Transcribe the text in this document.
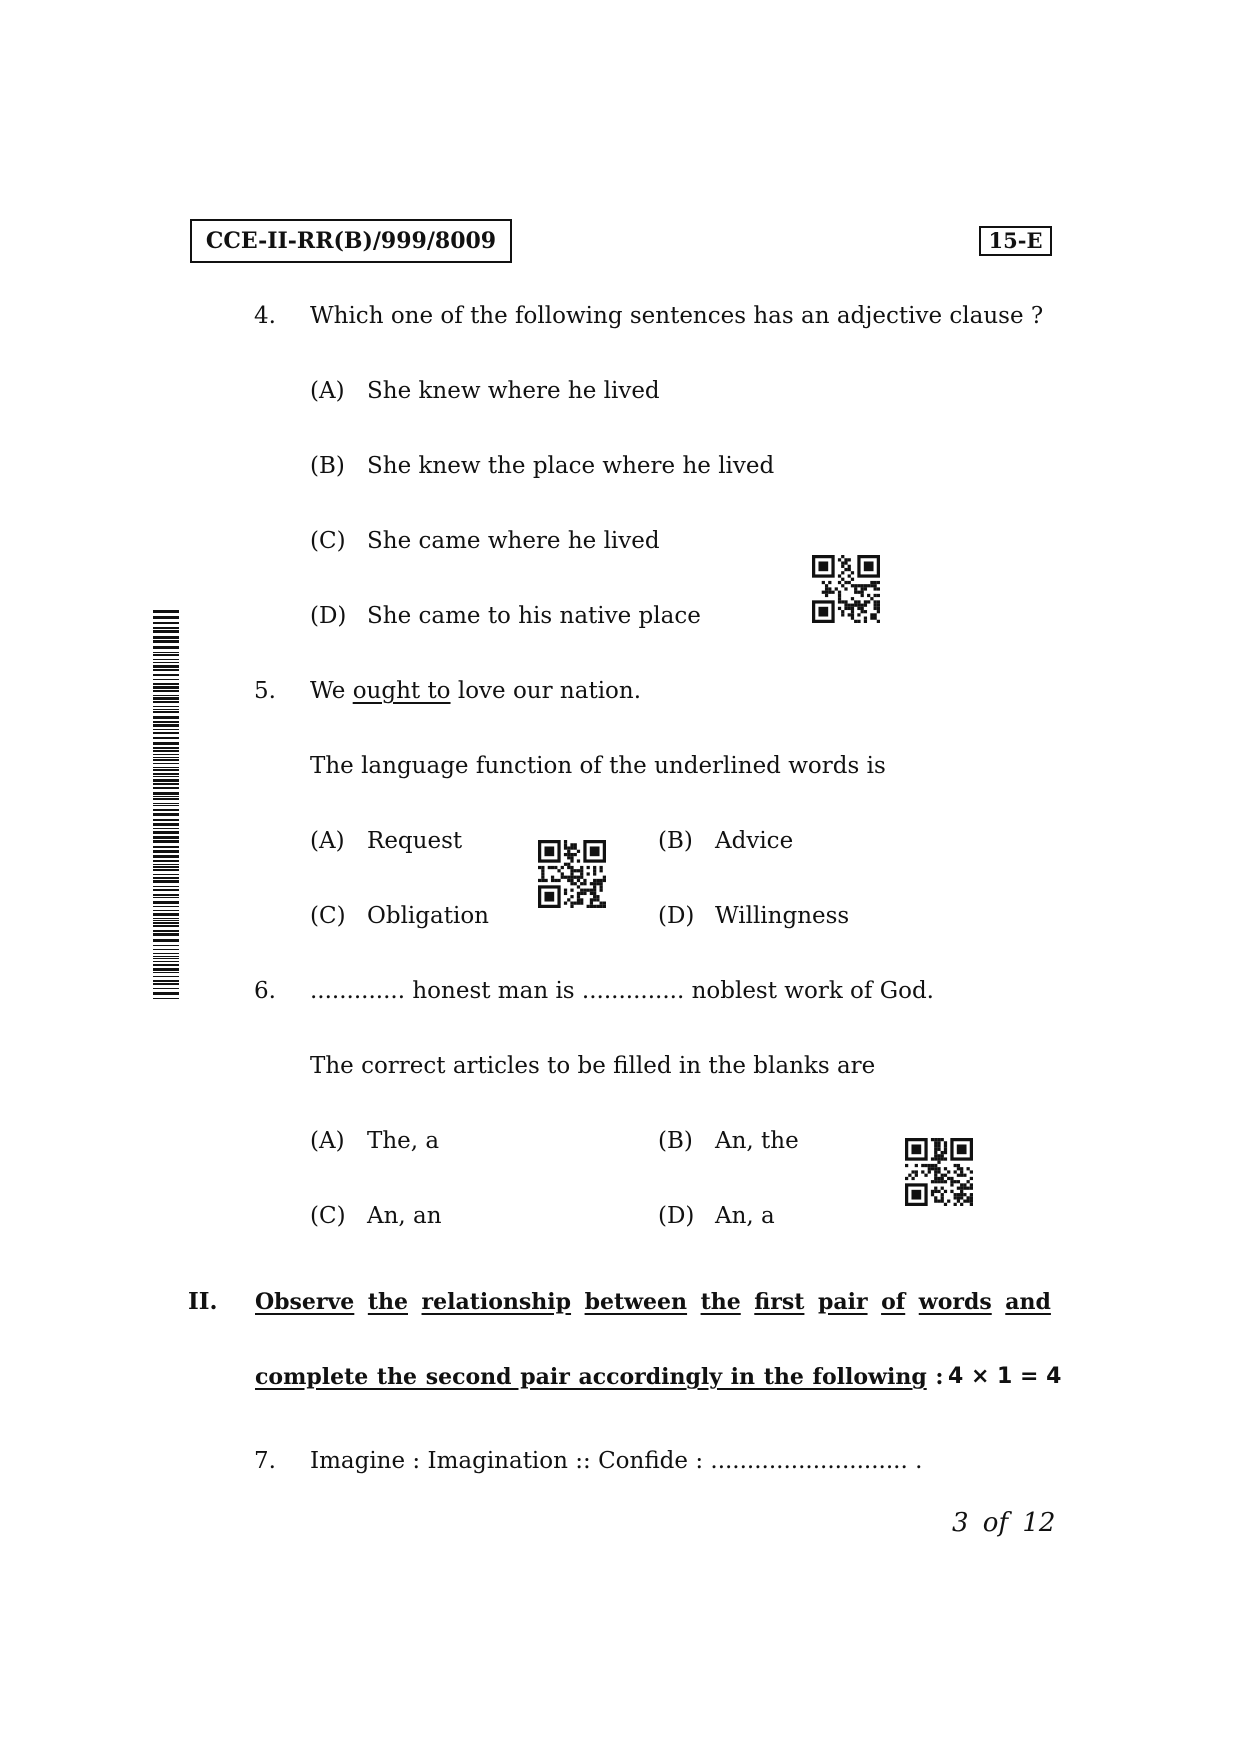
CCE-II-RR(B)/999/8009	15-E
4. Which one of the following sentences has an adjective clause ?
(A) She knew where he lived
(B) She knew the place where he lived
(C) She came where he lived
(D) She came to his native place
5. We ought to love our nation.
The language function of the underlined words is
(A) Request	(B) Advice
(C) Obligation	(D) Willingness
6. ............. honest man is .............. noblest work of God.
The correct articles to be filled in the blanks are
(A) The, a	(B) An, the
(C) An, an	(D) An, a
II. Observe the relationship between the first pair of words and
complete the second pair accordingly in the following : 4 × 1 = 4
7. Imagine : Imagination :: Confide : ........................... .
3 of 12
